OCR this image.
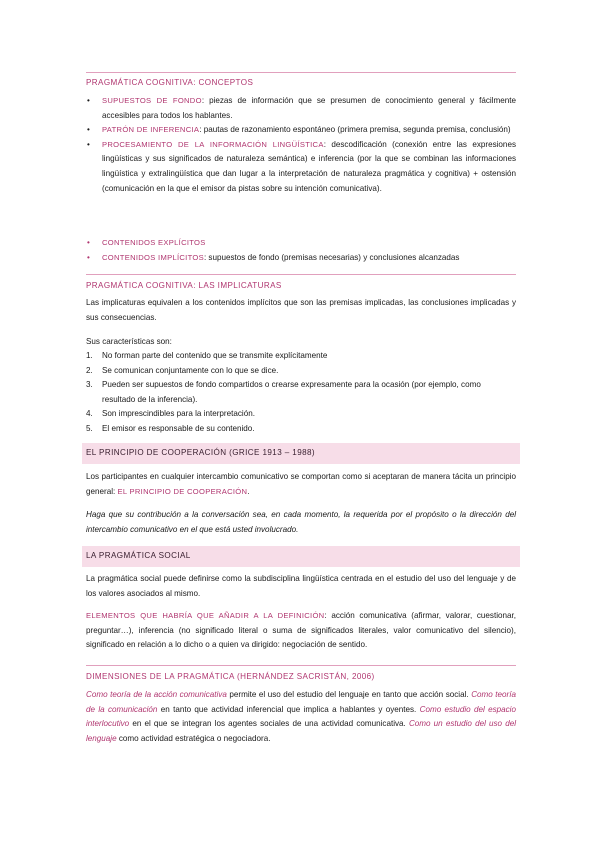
PRAGMÁTICA COGNITIVA: CONCEPTOS
• SUPUESTOS DE FONDO: piezas de información que se presumen de conocimiento general y fácilmente accesibles para todos los hablantes.
• PATRÓN DE INFERENCIA: pautas de razonamiento espontáneo (primera premisa, segunda premisa, conclusión)
• PROCESAMIENTO DE LA INFORMACIÓN LINGÜÍSTICA: descodificación (conexión entre las expresiones lingüísticas y sus significados de naturaleza semántica) e inferencia (por la que se combinan las informaciones lingüística y extralingüística que dan lugar a la interpretación de naturaleza pragmática y cognitiva) + ostensión (comunicación en la que el emisor da pistas sobre su intención comunicativa).
• CONTENIDOS EXPLÍCITOS
• CONTENIDOS IMPLÍCITOS: supuestos de fondo (premisas necesarias) y conclusiones alcanzadas
PRAGMÁTICA COGNITIVA: LAS IMPLICATURAS
Las implicaturas equivalen a los contenidos implícitos que son las premisas implicadas, las conclusiones implicadas y sus consecuencias.
Sus características son:
1. No forman parte del contenido que se transmite explícitamente
2. Se comunican conjuntamente con lo que se dice.
3. Pueden ser supuestos de fondo compartidos o crearse expresamente para la ocasión (por ejemplo, como resultado de la inferencia).
4. Son imprescindibles para la interpretación.
5. El emisor es responsable de su contenido.
EL PRINCIPIO DE COOPERACIÓN (GRICE 1913 – 1988)
Los participantes en cualquier intercambio comunicativo se comportan como si aceptaran de manera tácita un principio general: EL PRINCIPIO DE COOPERACIÓN.
Haga que su contribución a la conversación sea, en cada momento, la requerida por el propósito o la dirección del intercambio comunicativo en el que está usted involucrado.
LA PRAGMÁTICA SOCIAL
La pragmática social puede definirse como la subdisciplina lingüística centrada en el estudio del uso del lenguaje y de los valores asociados al mismo.
ELEMENTOS QUE HABRÍA QUE AÑADIR A LA DEFINICIÓN: acción comunicativa (afirmar, valorar, cuestionar, preguntar…), inferencia (no significado literal o suma de significados literales, valor comunicativo del silencio), significado en relación a lo dicho o a quien va dirigido: negociación de sentido.
DIMENSIONES DE LA PRAGMÁTICA (HERNÁNDEZ SACRISTÁN, 2006)
Como teoría de la acción comunicativa permite el uso del estudio del lenguaje en tanto que acción social. Como teoría de la comunicación en tanto que actividad inferencial que implica a hablantes y oyentes. Como estudio del espacio interlocutivo en el que se integran los agentes sociales de una actividad comunicativa. Como un estudio del uso del lenguaje como actividad estratégica o negociadora.
